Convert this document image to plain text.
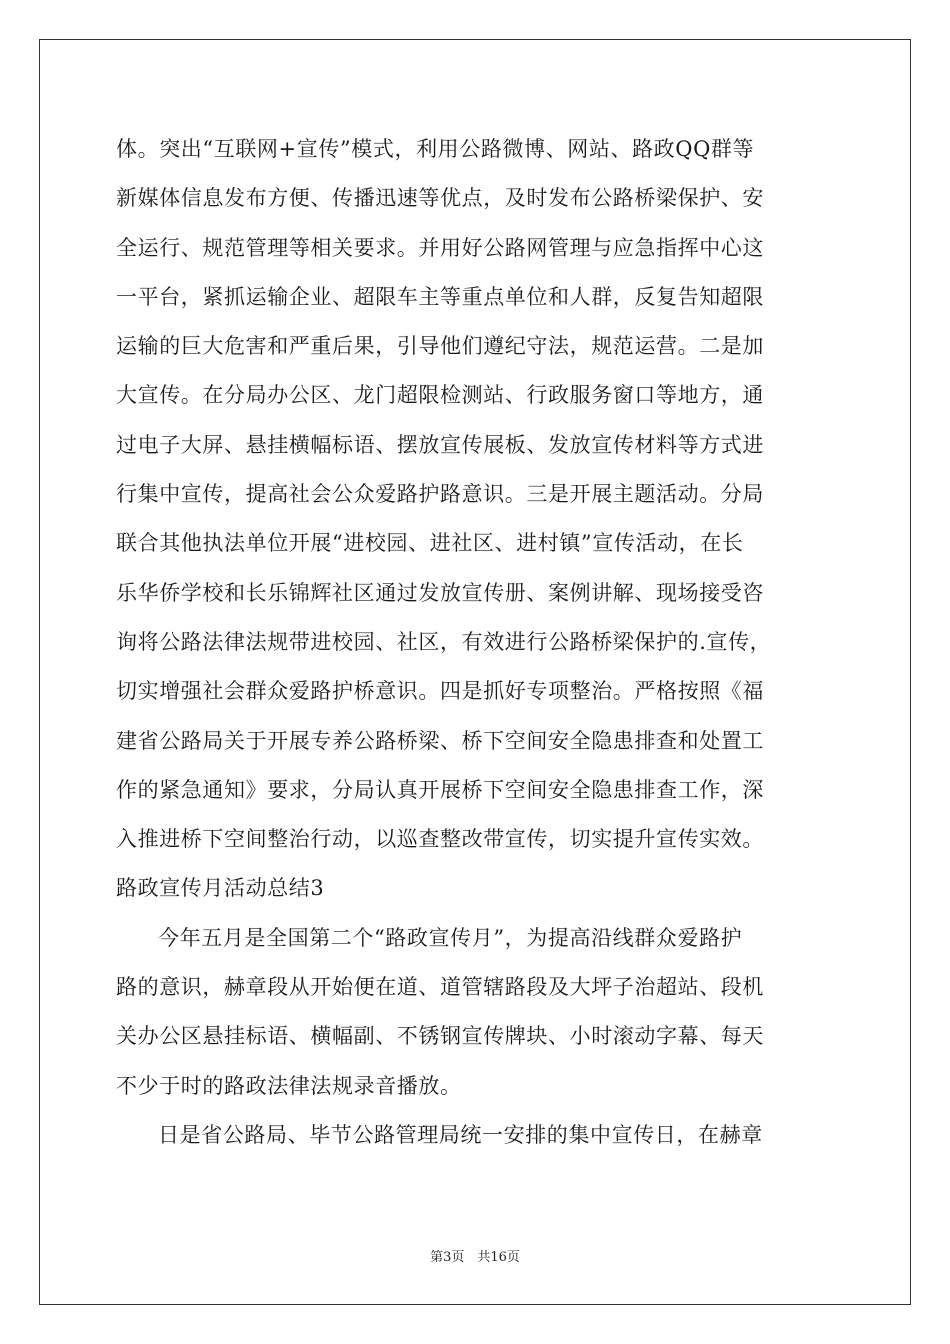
体。突出“互联网+宣传”模式，利用公路微博、网站、路政QQ群等

新媒体信息发布方便、传播迅速等优点，及时发布公路桥梁保护、安

全运行、规范管理等相关要求。并用好公路网管理与应急指挥中心这

一平台，紧抓运输企业、超限车主等重点单位和人群，反复告知超限

运输的巨大危害和严重后果，引导他们遵纪守法，规范运营。二是加

大宣传。在分局办公区、龙门超限检测站、行政服务窗口等地方，通

过电子大屏、悬挂横幅标语、摆放宣传展板、发放宣传材料等方式进

行集中宣传，提高社会公众爱路护路意识。三是开展主题活动。分局

联合其他执法单位开展“进校园、进社区、进村镇”宣传活动，在长

乐华侨学校和长乐锦辉社区通过发放宣传册、案例讲解、现场接受咨

询将公路法律法规带进校园、社区，有效进行公路桥梁保护的.宣传，

切实增强社会群众爱路护桥意识。四是抓好专项整治。严格按照《福

建省公路局关于开展专养公路桥梁、桥下空间安全隐患排查和处置工

作的紧急通知》要求，分局认真开展桥下空间安全隐患排查工作，深

入推进桥下空间整治行动，以巡查整改带宣传，切实提升宣传实效。

路政宣传月活动总结3

今年五月是全国第二个“路政宣传月”，为提高沿线群众爱路护

路的意识，赫章段从开始便在道、道管辖路段及大坪子治超站、段机

关办公区悬挂标语、横幅副、不锈钢宣传牌块、小时滚动字幕、每天

不少于时的路政法律法规录音播放。

日是省公路局、毕节公路管理局统一安排的集中宣传日，在赫章

第3页　共16页
